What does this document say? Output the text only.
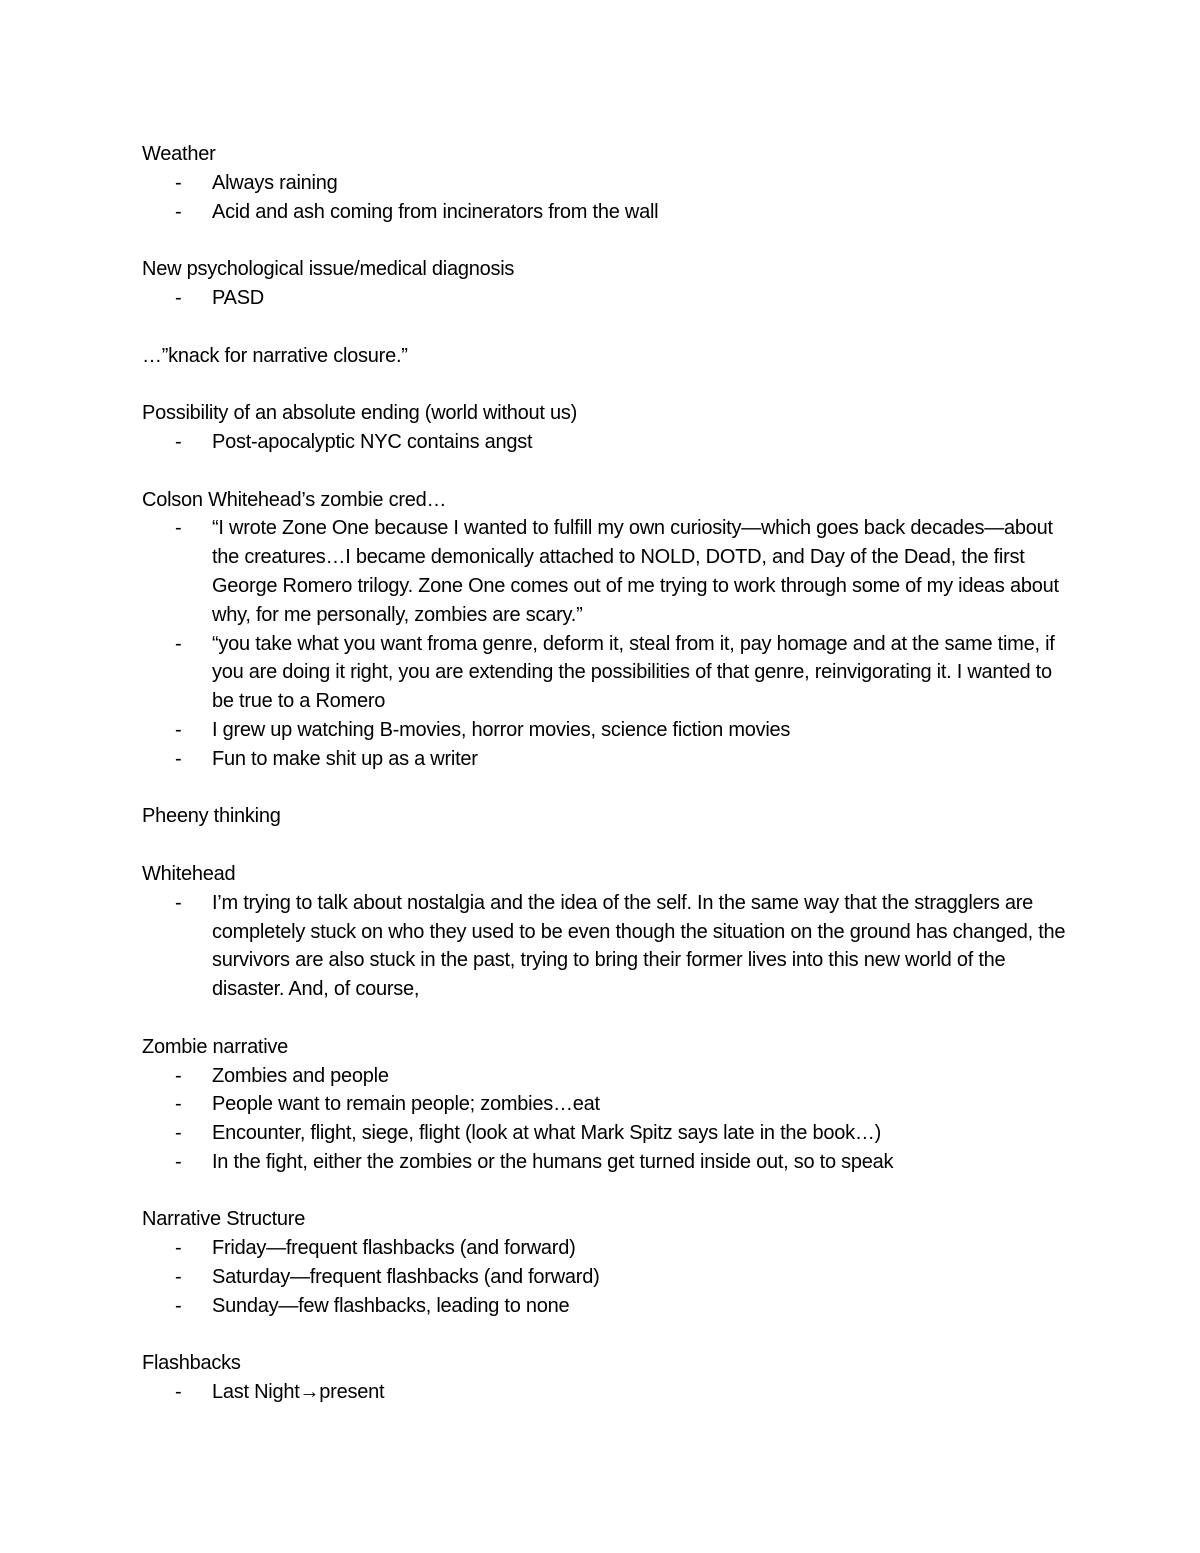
Weather
- Always raining
- Acid and ash coming from incinerators from the wall
New psychological issue/medical diagnosis
- PASD
…”knack for narrative closure.”
Possibility of an absolute ending (world without us)
- Post-apocalyptic NYC contains angst
Colson Whitehead’s zombie cred…
- “I wrote Zone One because I wanted to fulfill my own curiosity—which goes back decades—about the creatures…I became demonically attached to NOLD, DOTD, and Day of the Dead, the first George Romero trilogy. Zone One comes out of me trying to work through some of my ideas about why, for me personally, zombies are scary.”
- “you take what you want froma genre, deform it, steal from it, pay homage and at the same time, if you are doing it right, you are extending the possibilities of that genre, reinvigorating it. I wanted to be true to a Romero
- I grew up watching B-movies, horror movies, science fiction movies
- Fun to make shit up as a writer
Pheeny thinking
Whitehead
- I’m trying to talk about nostalgia and the idea of the self. In the same way that the stragglers are completely stuck on who they used to be even though the situation on the ground has changed, the survivors are also stuck in the past, trying to bring their former lives into this new world of the disaster. And, of course,
Zombie narrative
- Zombies and people
- People want to remain people; zombies…eat
- Encounter, flight, siege, flight (look at what Mark Spitz says late in the book…)
- In the fight, either the zombies or the humans get turned inside out, so to speak
Narrative Structure
- Friday—frequent flashbacks (and forward)
- Saturday—frequent flashbacks (and forward)
- Sunday—few flashbacks, leading to none
Flashbacks
- Last Night→present
